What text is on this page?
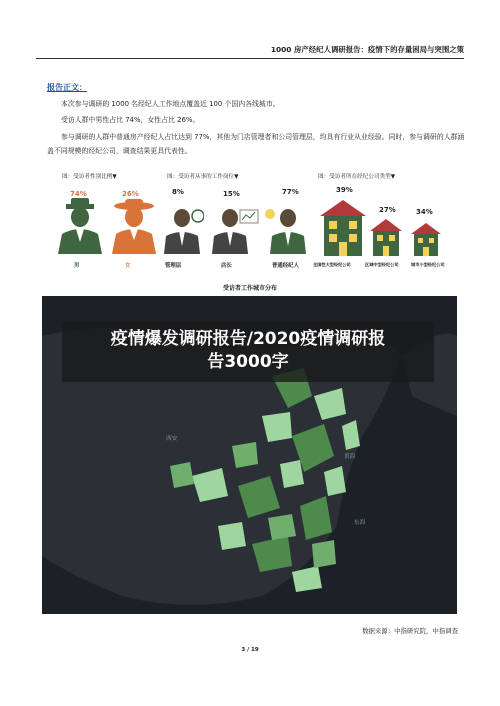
1000 房产经纪人调研报告：疫情下的存量困局与突围之策
报告正文：
本次参与调研的 1000 名经纪人工作地点覆盖近 100 个国内各线城市。
受访人群中男性占比 74%，女性占比 26%。
参与调研的人群中普通房产经纪人占比达到 77%，其他为门店管理者和公司管理层，均具有行业从业经验。同时，参与调研的人群涵盖不同规模的经纪公司，调查结果更具代表性。
图：受访者性别比例▼	图：受访者从事的工作岗位▼	图：受访者所在经纪公司类型▼
74%	26%
男	女
8%	15%	77%
管理层	店长	普通经纪人
39%
27%	34%
全国性大型经纪公司	区域中型经纪公司	城市小型经纪公司
受访者工作城市分布
黄海
东海
西安
疫情爆发调研报告/2020疫情调研报
告3000字
数据来源：中指研究院，中指调查
3 / 19
